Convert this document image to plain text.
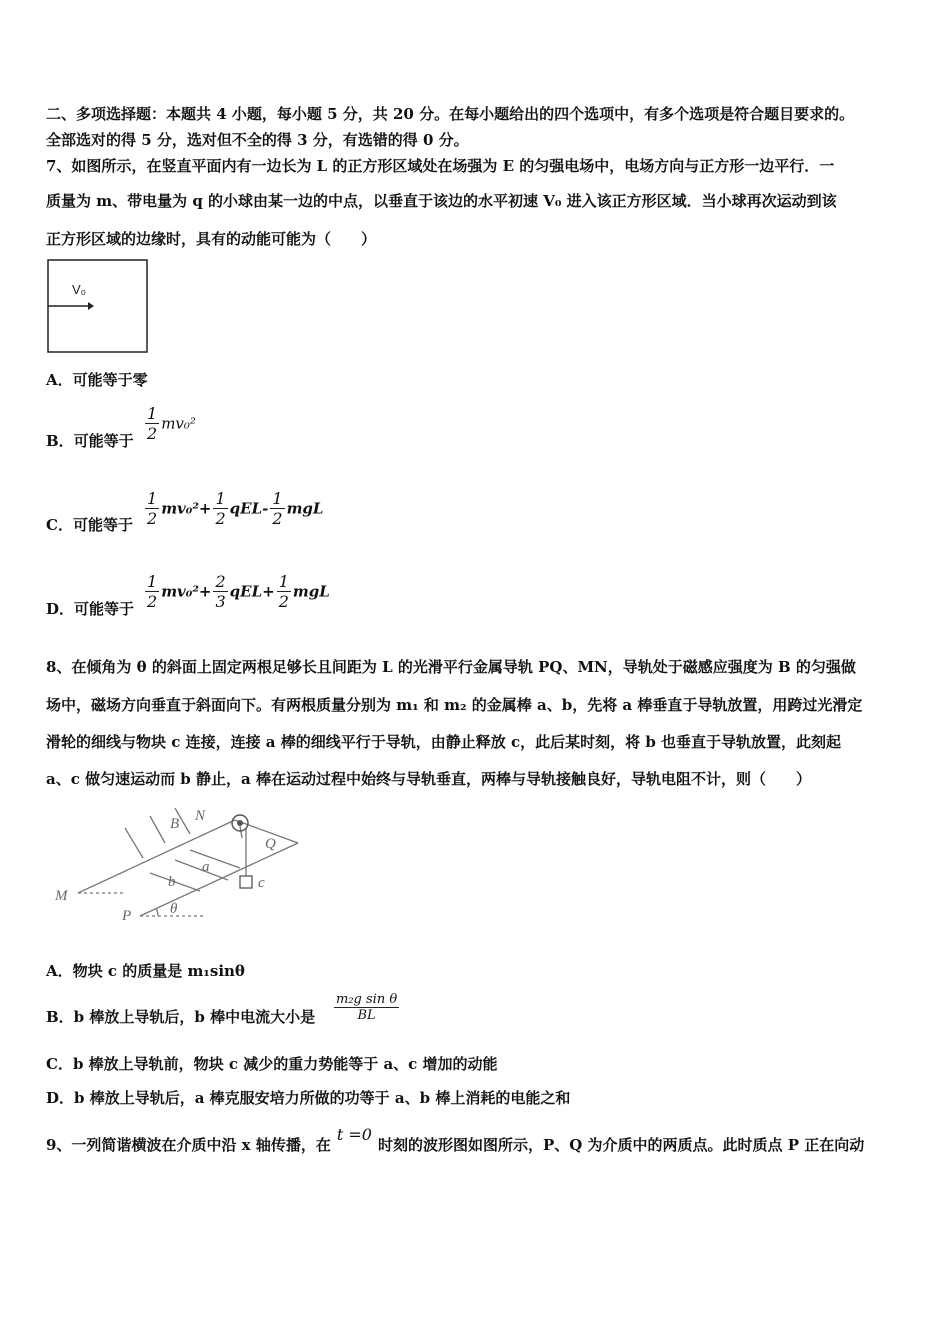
二、多项选择题：本题共 4 小题，每小题 5 分，共 20 分。在每小题给出的四个选项中，有多个选项是符合题目要求的。
全部选对的得 5 分，选对但不全的得 3 分，有选错的得 0 分。
7、如图所示，在竖直平面内有一边长为 L 的正方形区域处在场强为 E 的匀强电场中，电场方向与正方形一边平行．一
质量为 m、带电量为 q 的小球由某一边的中点，以垂直于该边的水平初速 V₀ 进入该正方形区域．当小球再次运动到该
正方形区域的边缘时，具有的动能可能为（　　）
V₀
A．可能等于零
B．可能等于 $\frac{1}{2} mv_0^2$
C．可能等于 $\frac{1}{2} mv_0^2+ \frac{1}{2} qEL- \frac{1}{2}$ mgL
D．可能等于 $\frac{1}{2} mv_0^2+ \frac{2}{3} qEL+ \frac{1}{2}$ mgL
8、在倾角为 θ 的斜面上固定两根足够长且间距为 L 的光滑平行金属导轨 PQ、MN，导轨处于磁感应强度为 B 的匀强做
场中，磁场方向垂直于斜面向下。有两根质量分别为 m₁ 和 m₂ 的金属棒 a、b，先将 a 棒垂直于导轨放置，用跨过光滑定
滑轮的细线与物块 c 连接，连接 a 棒的细线平行于导轨，由静止释放 c，此后某时刻，将 b 也垂直于导轨放置，此刻起
a、c 做匀速运动而 b 静止，a 棒在运动过程中始终与导轨垂直，两棒与导轨接触良好，导轨电阻不计，则（　　）
B N
Q
a
b	c
M
P	θ
A．物块 c 的质量是 m₁sinθ
B．b 棒放上导轨后，b 棒中电流大小是 $\frac{\text{m₂g sin θ}}{BL}$
C．b 棒放上导轨前，物块 c 减少的重力势能等于 a、c 增加的动能
D．b 棒放上导轨后，a 棒克服安培力所做的功等于 a、b 棒上消耗的电能之和
9、一列简谐横波在介质中沿 x 轴传播，在t =0时刻的波形图如图所示，P、Q 为介质中的两质点。此时质点 P 正在向动
